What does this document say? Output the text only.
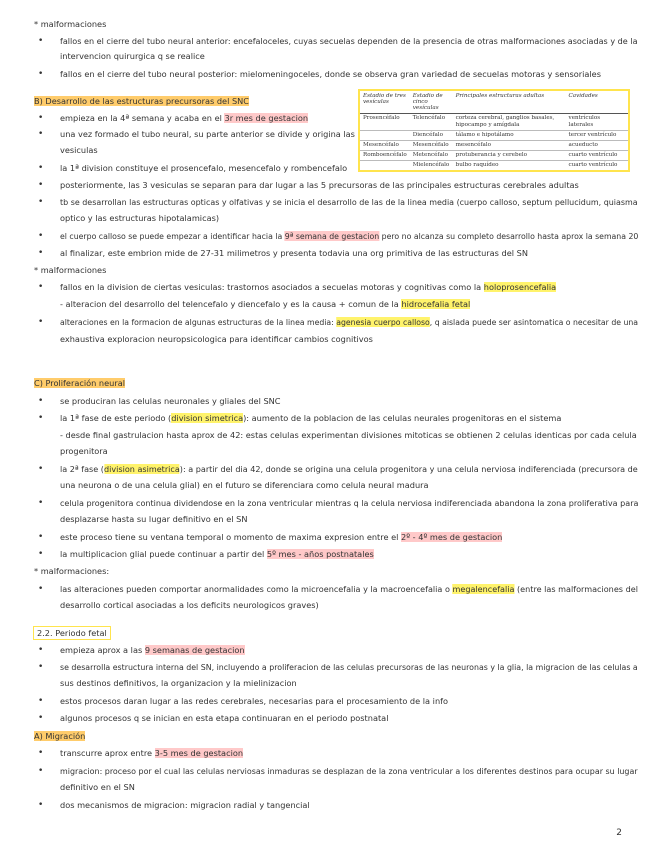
* malformaciones
• fallos en el cierre del tubo neural anterior: encefaloceles, cuyas secuelas dependen de la presencia de otras malformaciones asociadas y de la
intervencion quirurgica q se realice
• fallos en el cierre del tubo neural posterior: mielomeningoceles, donde se observa gran variedad de secuelas motoras y sensoriales
B) Desarrollo de las estructuras precursoras del SNC
• empieza en la 4ª semana y acaba en el 3r mes de gestacion
• una vez formado el tubo neural, su parte anterior se divide y origina las
vesiculas
• la 1ª division constituye el prosencefalo, mesencefalo y rombencefalo
• posteriormente, las 3 vesiculas se separan para dar lugar a las 5 precursoras de las principales estructuras cerebrales adultas
• tb se desarrollan las estructuras opticas y olfativas y se inicia el desarrollo de las de la linea media (cuerpo calloso, septum pellucidum, quiasma
optico y las estructuras hipotalamicas)
• el cuerpo calloso se puede empezar a identificar hacia la 9ª semana de gestacion pero no alcanza su completo desarrollo hasta aprox la semana 20
• al finalizar, este embrion mide de 27-31 milimetros y presenta todavia una org primitiva de las estructuras del SN
* malformaciones
• fallos en la division de ciertas vesiculas: trastornos asociados a secuelas motoras y cognitivas como la holoprosencefalia
- alteracion del desarrollo del telencefalo y diencefalo y es la causa + comun de la hidrocefalia fetal
• alteraciones en la formacion de algunas estructuras de la linea media: agenesia cuerpo calloso, q aislada puede ser asintomatica o necesitar de una
exhaustiva exploracion neuropsicologica para identificar cambios cognitivos
C) Proliferación neural
• se produciran las celulas neuronales y gliales del SNC
• la 1ª fase de este periodo (division simetrica): aumento de la poblacion de las celulas neurales progenitoras en el sistema
- desde final gastrulacion hasta aprox de 42: estas celulas experimentan divisiones mitoticas se obtienen 2 celulas identicas por cada celula
progenitora
• la 2ª fase (division asimetrica): a partir del dia 42, donde se origina una celula progenitora y una celula nerviosa indiferenciada (precursora de
una neurona o de una celula glial) en el futuro se diferenciara como celula neural madura
• celula progenitora continua dividendose en la zona ventricular mientras q la celula nerviosa indiferenciada abandona la zona proliferativa para
desplazarse hasta su lugar definitivo en el SN
• este proceso tiene su ventana temporal o momento de maxima expresion entre el 2º - 4º mes de gestacion
• la multiplicacion glial puede continuar a partir del 5º mes - años postnatales
* malformaciones:
• las alteraciones pueden comportar anormalidades como la microencefalia y la macroencefalia o megalencefalia (entre las malformaciones del
desarrollo cortical asociadas a los deficits neurologicos graves)
2.2. Periodo fetal
• empieza aprox a las 9 semanas de gestacion
• se desarrolla estructura interna del SN, incluyendo a proliferacion de las celulas precursoras de las neuronas y la glia, la migracion de las celulas a
sus destinos definitivos, la organizacion y la mielinizacion
• estos procesos daran lugar a las redes cerebrales, necesarias para el procesamiento de la info
• algunos procesos q se inician en esta etapa continuaran en el periodo postnatal
A) Migración
• transcurre aprox entre 3-5 mes de gestacion
• migracion: proceso por el cual las celulas nerviosas inmaduras se desplazan de la zona ventricular a los diferentes destinos para ocupar su lugar
definitivo en el SN
• dos mecanismos de migracion: migracion radial y tangencial
Estadio de tres vesículas	Estadio de cinco vesículas	Principales estructuras adultas	Cavidades
Prosencéfalo	Telencéfalo	corteza cerebral, ganglios basales, hipocampo y amígdala	ventrículos laterales
	Diencéfalo	tálamo e hipotálamo	tercer ventrículo
Mesencéfalo	Mesencéfalo	mesencéfalo	acueducto
Romboencéfalo	Metencéfalo	protuberancia y cerebelo	cuarto ventrículo
	Mielencéfalo	bulbo raquídeo	cuarto ventrículo
2
